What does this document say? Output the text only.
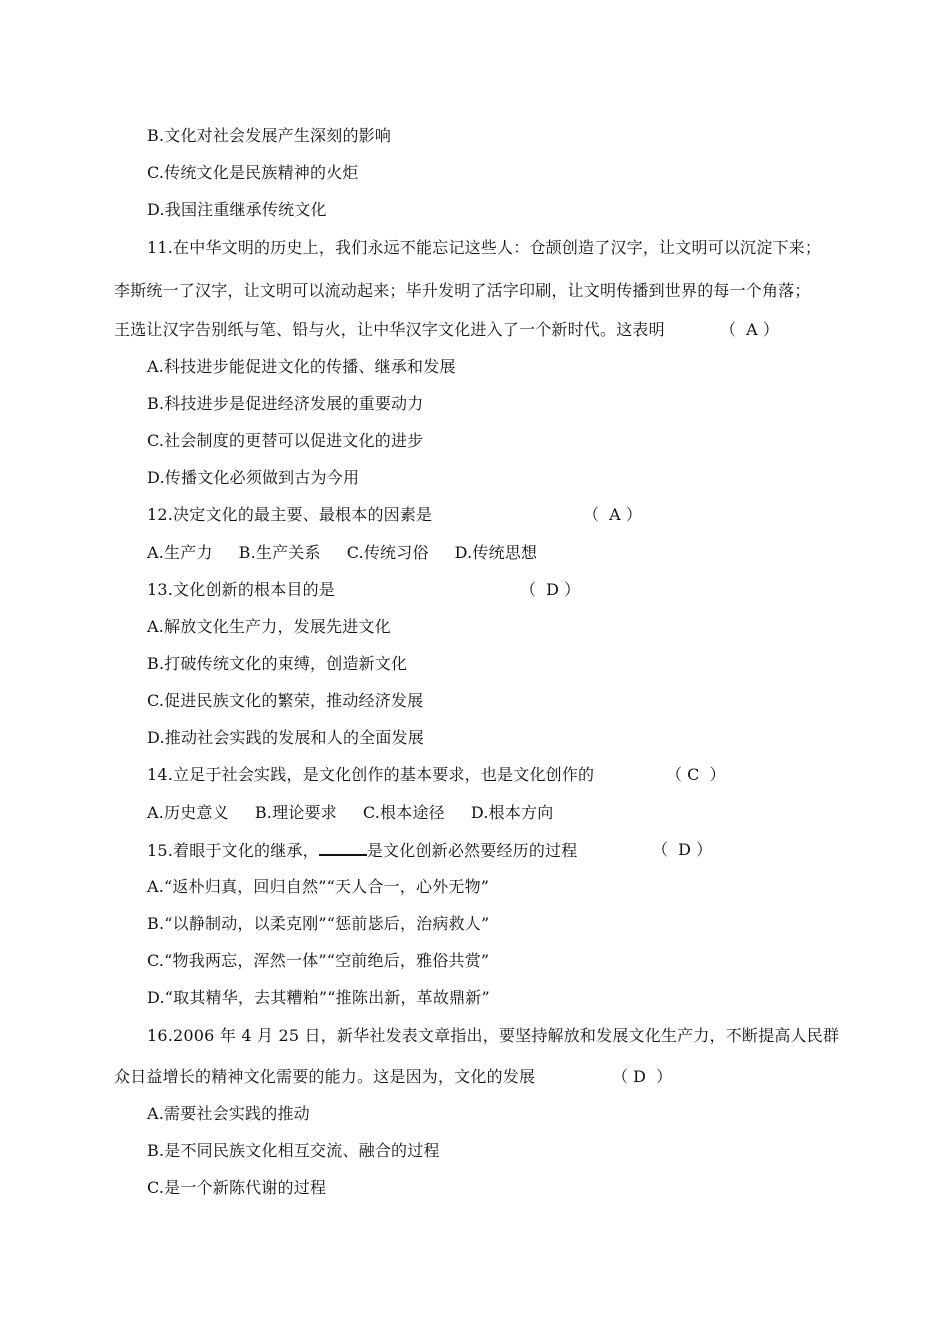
B.文化对社会发展产生深刻的影响
C.传统文化是民族精神的火炬
D.我国注重继承传统文化
11.在中华文明的历史上，我们永远不能忘记这些人：仓颉创造了汉字，让文明可以沉淀下来；
李斯统一了汉字，让文明可以流动起来；毕升发明了活字印刷，让文明传播到世界的每一个角落；
王选让汉字告别纸与笔、铅与火，让中华汉字文化进入了一个新时代。这表明	（  A ）
A.科技进步能促进文化的传播、继承和发展
B.科技进步是促进经济发展的重要动力
C.社会制度的更替可以促进文化的进步
D.传播文化必须做到古为今用
12.决定文化的最主要、最根本的因素是	（  A ）
A.生产力 B.生产关系 C.传统习俗 D.传统思想
13.文化创新的根本目的是	（  D ）
A.解放文化生产力，发展先进文化
B.打破传统文化的束缚，创造新文化
C.促进民族文化的繁荣，推动经济发展
D.推动社会实践的发展和人的全面发展
14.立足于社会实践，是文化创作的基本要求，也是文化创作的	（ C  ）
A.历史意义 B.理论要求 C.根本途径 D.根本方向
15.着眼于文化的继承，	是文化创新必然要经历的过程	（  D ）
A.“返朴归真，回归自然”“天人合一，心外无物”
B.“以静制动，以柔克刚”“惩前毖后，治病救人”
C.“物我两忘，浑然一体”“空前绝后，雅俗共赏”
D.“取其精华，去其糟粕”“推陈出新，革故鼎新”
16.2006 年 4 月 25 日，新华社发表文章指出，要坚持解放和发展文化生产力，不断提高人民群
众日益增长的精神文化需要的能力。这是因为，文化的发展	（ D  ）
A.需要社会实践的推动
B.是不同民族文化相互交流、融合的过程
C.是一个新陈代谢的过程
